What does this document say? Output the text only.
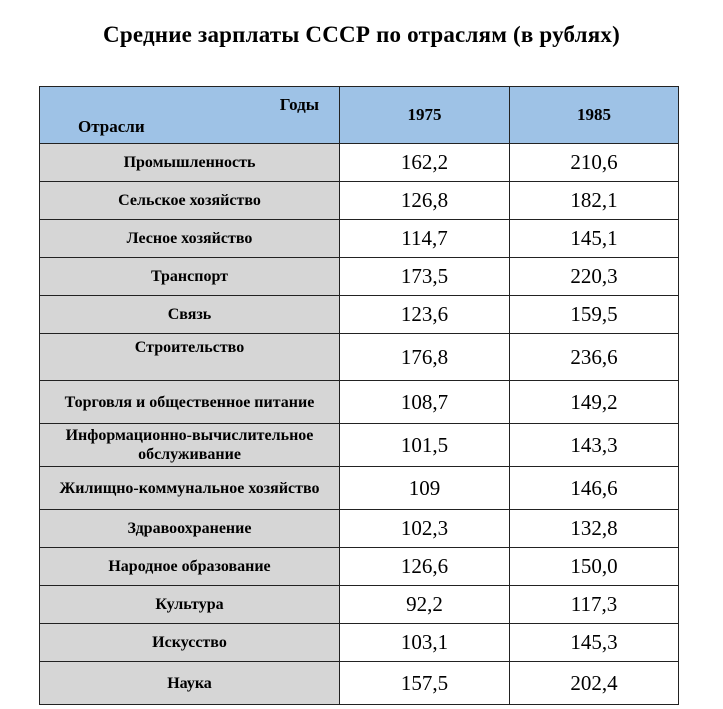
Средние зарплаты СССР по отраслям (в рублях)
Годы
Отрасли	1975	1985
Промышленность	162,2	210,6
Сельское хозяйство	126,8	182,1
Лесное хозяйство	114,7	145,1
Транспорт	173,5	220,3
Связь	123,6	159,5
Строительство	176,8	236,6
Торговля и общественное питание	108,7	149,2
Информационно-вычислительное обслуживание	101,5	143,3
Жилищно-коммунальное хозяйство	109	146,6
Здравоохранение	102,3	132,8
Народное образование	126,6	150,0
Культура	92,2	117,3
Искусство	103,1	145,3
Наука	157,5	202,4
